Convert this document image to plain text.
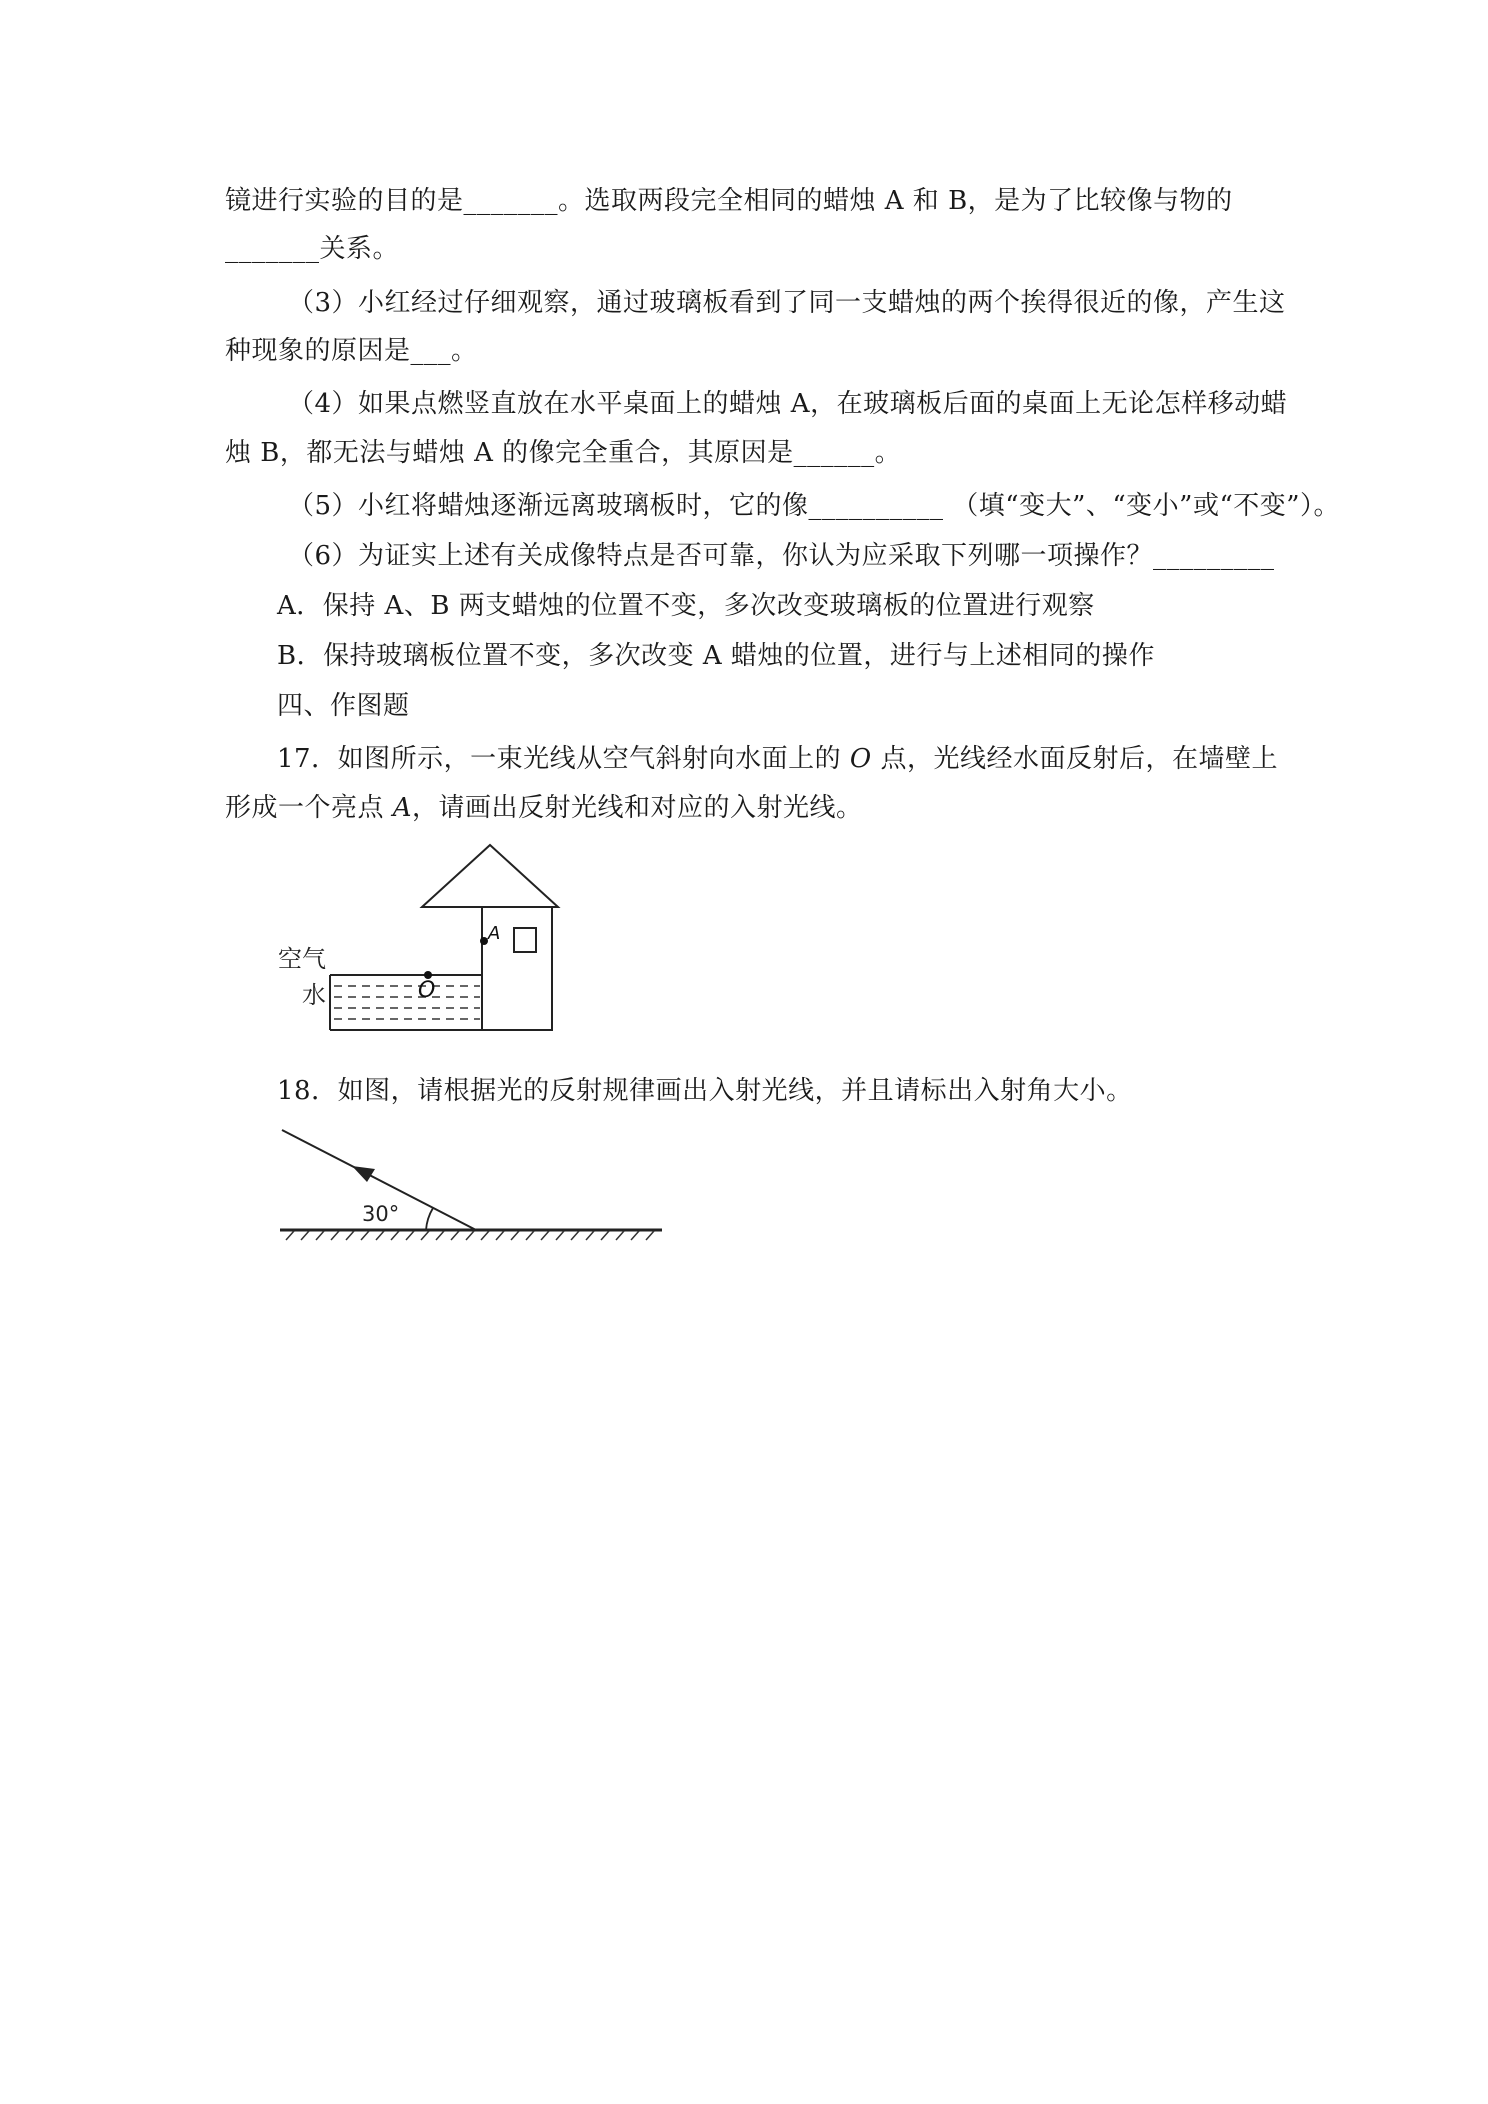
镜进行实验的目的是_______。选取两段完全相同的蜡烛 A 和 B，是为了比较像与物的
_______关系。
（3）小红经过仔细观察，通过玻璃板看到了同一支蜡烛的两个挨得很近的像，产生这
种现象的原因是___。
（4）如果点燃竖直放在水平桌面上的蜡烛 A，在玻璃板后面的桌面上无论怎样移动蜡
烛 B，都无法与蜡烛 A 的像完全重合，其原因是______。
（5）小红将蜡烛逐渐远离玻璃板时，它的像__________ （填“变大”、“变小”或“不变”）。
（6）为证实上述有关成像特点是否可靠，你认为应采取下列哪一项操作？_________
A．保持 A、B 两支蜡烛的位置不变，多次改变玻璃板的位置进行观察
B．保持玻璃板位置不变，多次改变 A 蜡烛的位置，进行与上述相同的操作
四、作图题
17．如图所示，一束光线从空气斜射向水面上的 O 点，光线经水面反射后，在墙壁上
形成一个亮点 A，请画出反射光线和对应的入射光线。
A
O
空气
水
18．如图，请根据光的反射规律画出入射光线，并且请标出入射角大小。
30°
